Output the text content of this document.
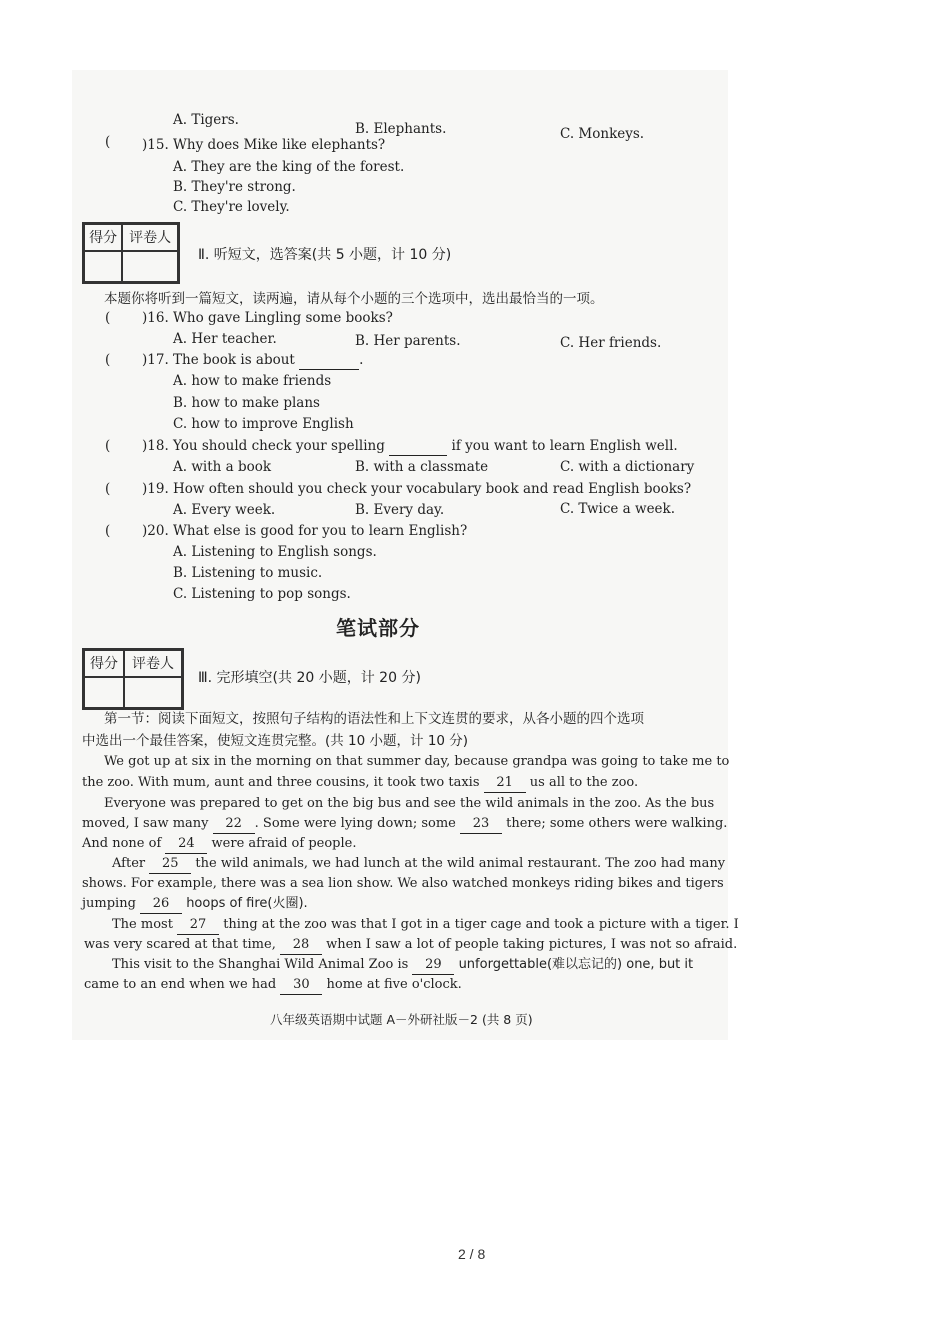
A. Tigers.
B. Elephants.	C. Monkeys.
( )15. Why does Mike like elephants?
A. They are the king of the forest.
B. They're strong.
C. They're lovely.
得分 评卷人
Ⅱ. 听短文，选答案(共 5 小题，计 10 分)
本题你将听到一篇短文，读两遍，请从每个小题的三个选项中，选出最恰当的一项。
( )16. Who gave Lingling some books?
A. Her teacher.	B. Her parents.	C. Her friends.
( )17. The book is about	.
A. how to make friends
B. how to make plans
C. how to improve English
( )18. You should check your spelling	if you want to learn English well.
A. with a book	B. with a classmate	C. with a dictionary
( )19. How often should you check your vocabulary book and read English books?
A. Every week.	B. Every day.	C. Twice a week.
( )20. What else is good for you to learn English?
A. Listening to English songs.
B. Listening to music.
C. Listening to pop songs.
笔试部分
得分	评卷人
Ⅲ. 完形填空(共 20 小题，计 20 分)
第一节：阅读下面短文，按照句子结构的语法性和上下文连贯的要求，从各小题的四个选项
中选出一个最佳答案，使短文连贯完整。(共 10 小题，计 10 分)
We got up at six in the morning on that summer day, because grandpa was going to take me to
the zoo. With mum, aunt and three cousins, it took two taxis 21 us all to the zoo.
Everyone was prepared to get on the big bus and see the wild animals in the zoo. As the bus
moved, I saw many 22 . Some were lying down; some 23 there; some others were walking.
And none of 24 were afraid of people.
After 25 the wild animals, we had lunch at the wild animal restaurant. The zoo had many
shows. For example, there was a sea lion show. We also watched monkeys riding bikes and tigers
jumping 26 hoops of fire(火圈).
The most 27 thing at the zoo was that I got in a tiger cage and took a picture with a tiger. I
was very scared at that time, 28 when I saw a lot of people taking pictures, I was not so afraid.
This visit to the Shanghai Wild Animal Zoo is 29 unforgettable(难以忘记的) one, but it
came to an end when we had 30 home at five o'clock.
八年级英语期中试题 A－外研社版－2 (共 8 页)
2 / 8
